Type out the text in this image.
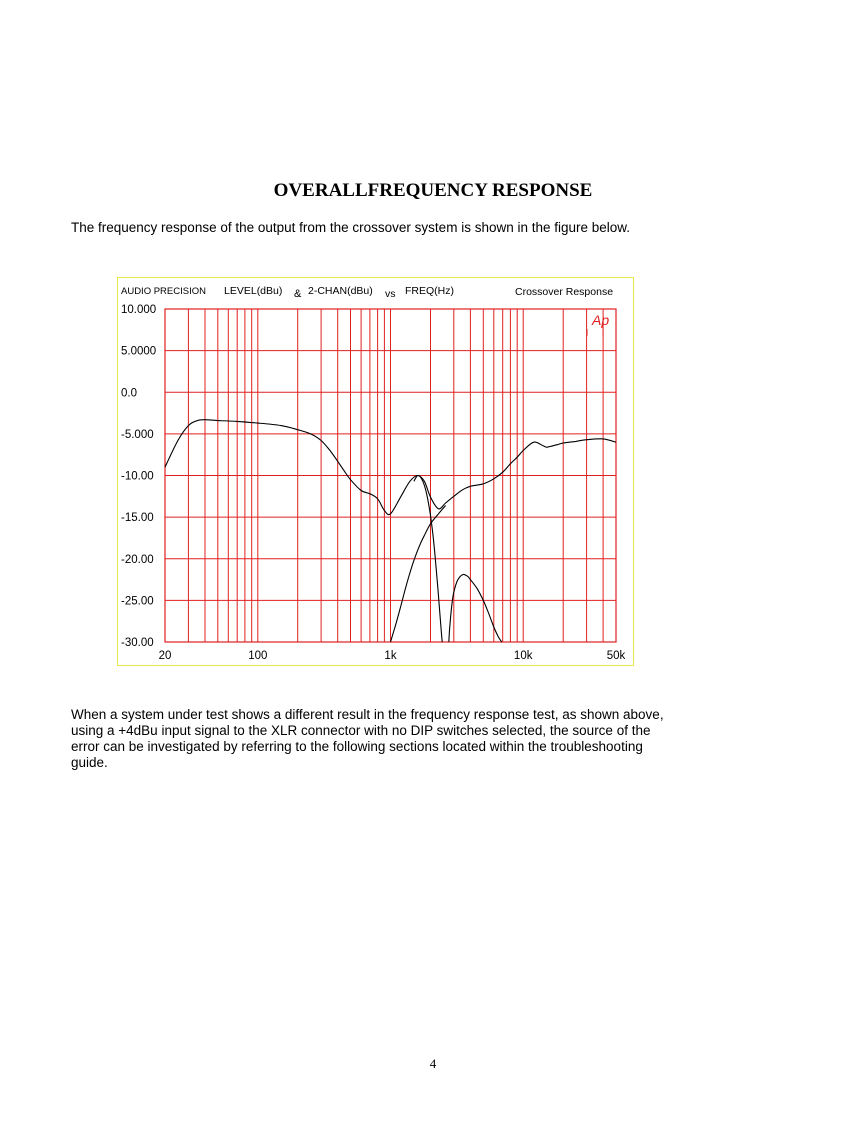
OVERALLFREQUENCY RESPONSE

The frequency response of the output from the crossover system is shown in the figure below.

AUDIO PRECISION LEVEL(dBu) & 2-CHAN(dBu) vs FREQ(Hz)	Crossover Response
Ap
10.000
5.0000
0.0
-5.000
-10.00
-15.00
-20.00
-25.00
-30.00
20	100	1k	10k	50k

When a system under test shows a different result in the frequency response test, as shown above, using a +4dBu input signal to the XLR connector with no DIP switches selected, the source of the error can be investigated by referring to the following sections located within the troubleshooting guide.

4
